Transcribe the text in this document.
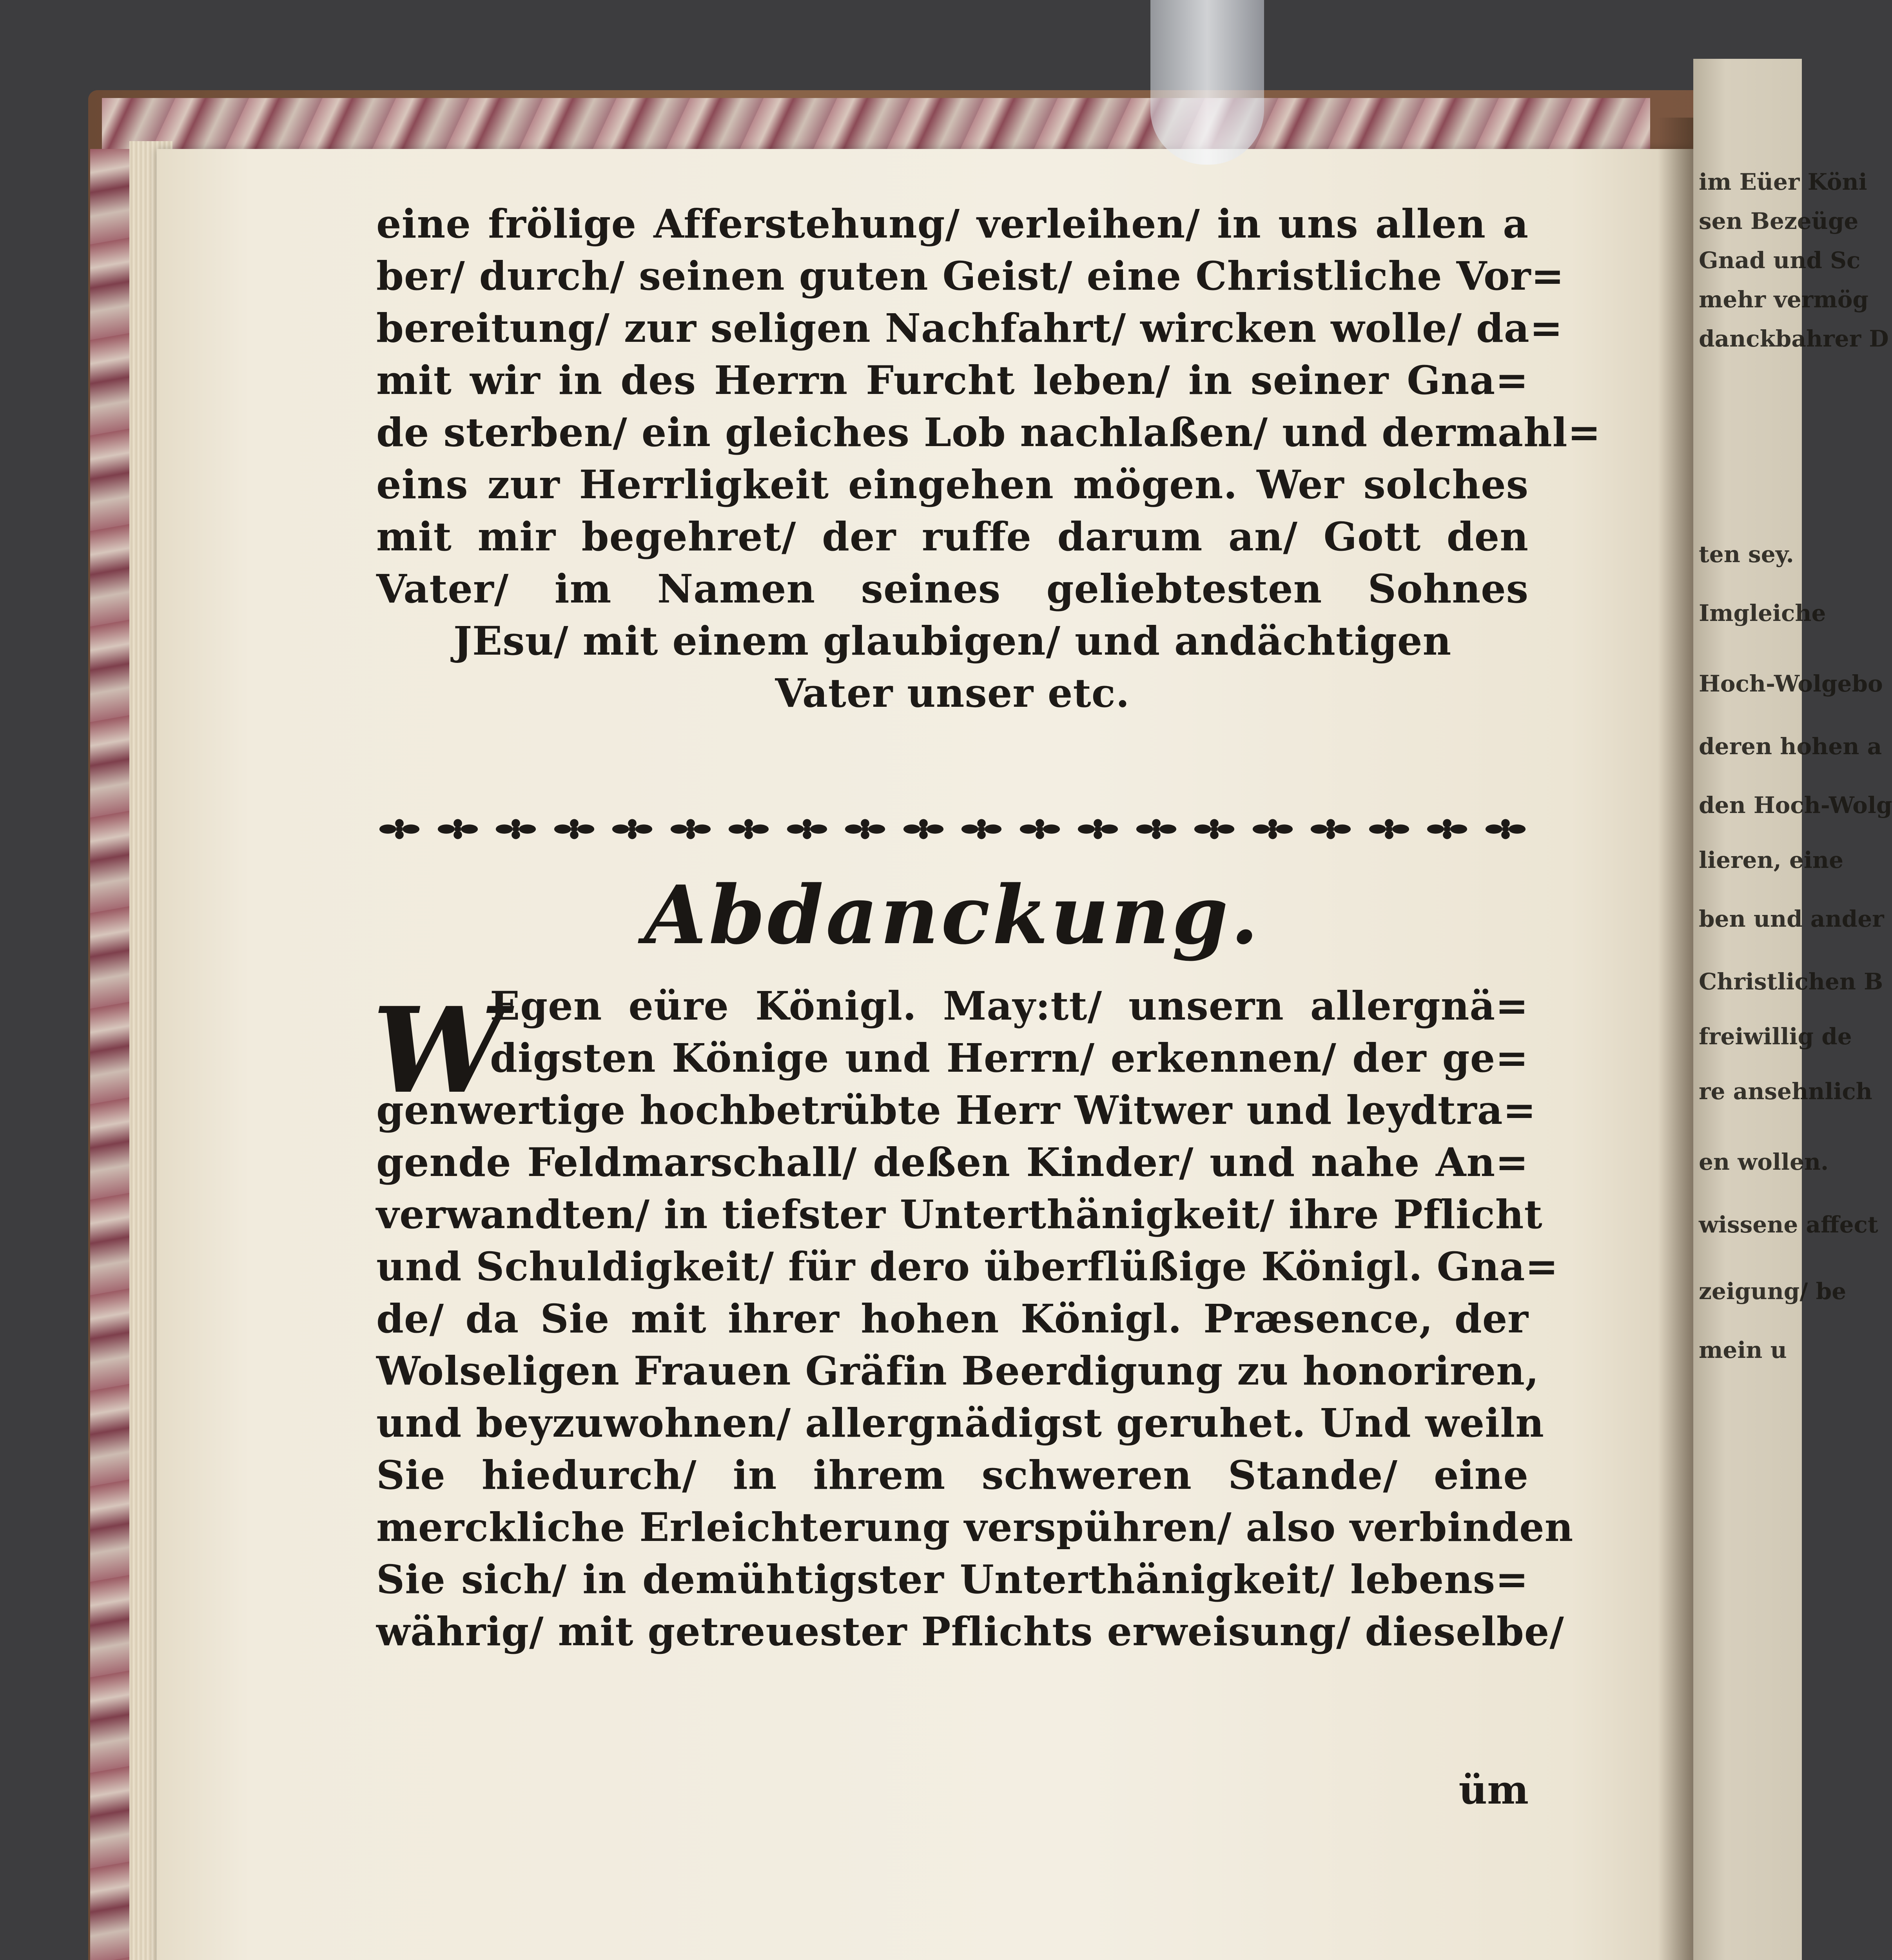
im Eüer Köni
sen Bezeüge
Gnad und Sc
mehr vermög
danckbahrer D
ten sey.
Imgleiche
Hoch-Wolgebo
deren hohen a
den Hoch-Wolg
lieren, eine
ben und ander
Christlichen B
freiwillig de
re ansehnlich
en wollen.
wissene affect
zeigung/ be
mein u
eine frölige Afferstehung/ verleihen/ in uns allen a
ber/ durch/ seinen guten Geist/ eine Christliche Vor=
bereitung/ zur seligen Nachfahrt/ wircken wolle/ da=
mit wir in des Herrn Furcht leben/ in seiner Gna=
de sterben/ ein gleiches Lob nachlaßen/ und dermahl=
eins zur Herrligkeit eingehen mögen. Wer solches
mit mir begehret/ der ruffe darum an/ Gott den
Vater/ im Namen seines geliebtesten Sohnes
JEsu/ mit einem glaubigen/ und andächtigen
Vater unser etc.
Abdanckung.
W
Egen eüre Königl. May:tt/ unsern allergnä=
digsten Könige und Herrn/ erkennen/ der ge=
genwertige hochbetrübte Herr Witwer und leydtra=
gende Feldmarschall/ deßen Kinder/ und nahe An=
verwandten/ in tiefster Unterthänigkeit/ ihre Pflicht
und Schuldigkeit/ für dero überflüßige Königl. Gna=
de/ da Sie mit ihrer hohen Königl. Præsence, der
Wolseligen Frauen Gräfin Beerdigung zu honoriren,
und beyzuwohnen/ allergnädigst geruhet. Und weiln
Sie hiedurch/ in ihrem schweren Stande/ eine
merckliche Erleichterung verspühren/ also verbinden
Sie sich/ in demühtigster Unterthänigkeit/ lebens=
währig/ mit getreuester Pflichts erweisung/ dieselbe/
üm
